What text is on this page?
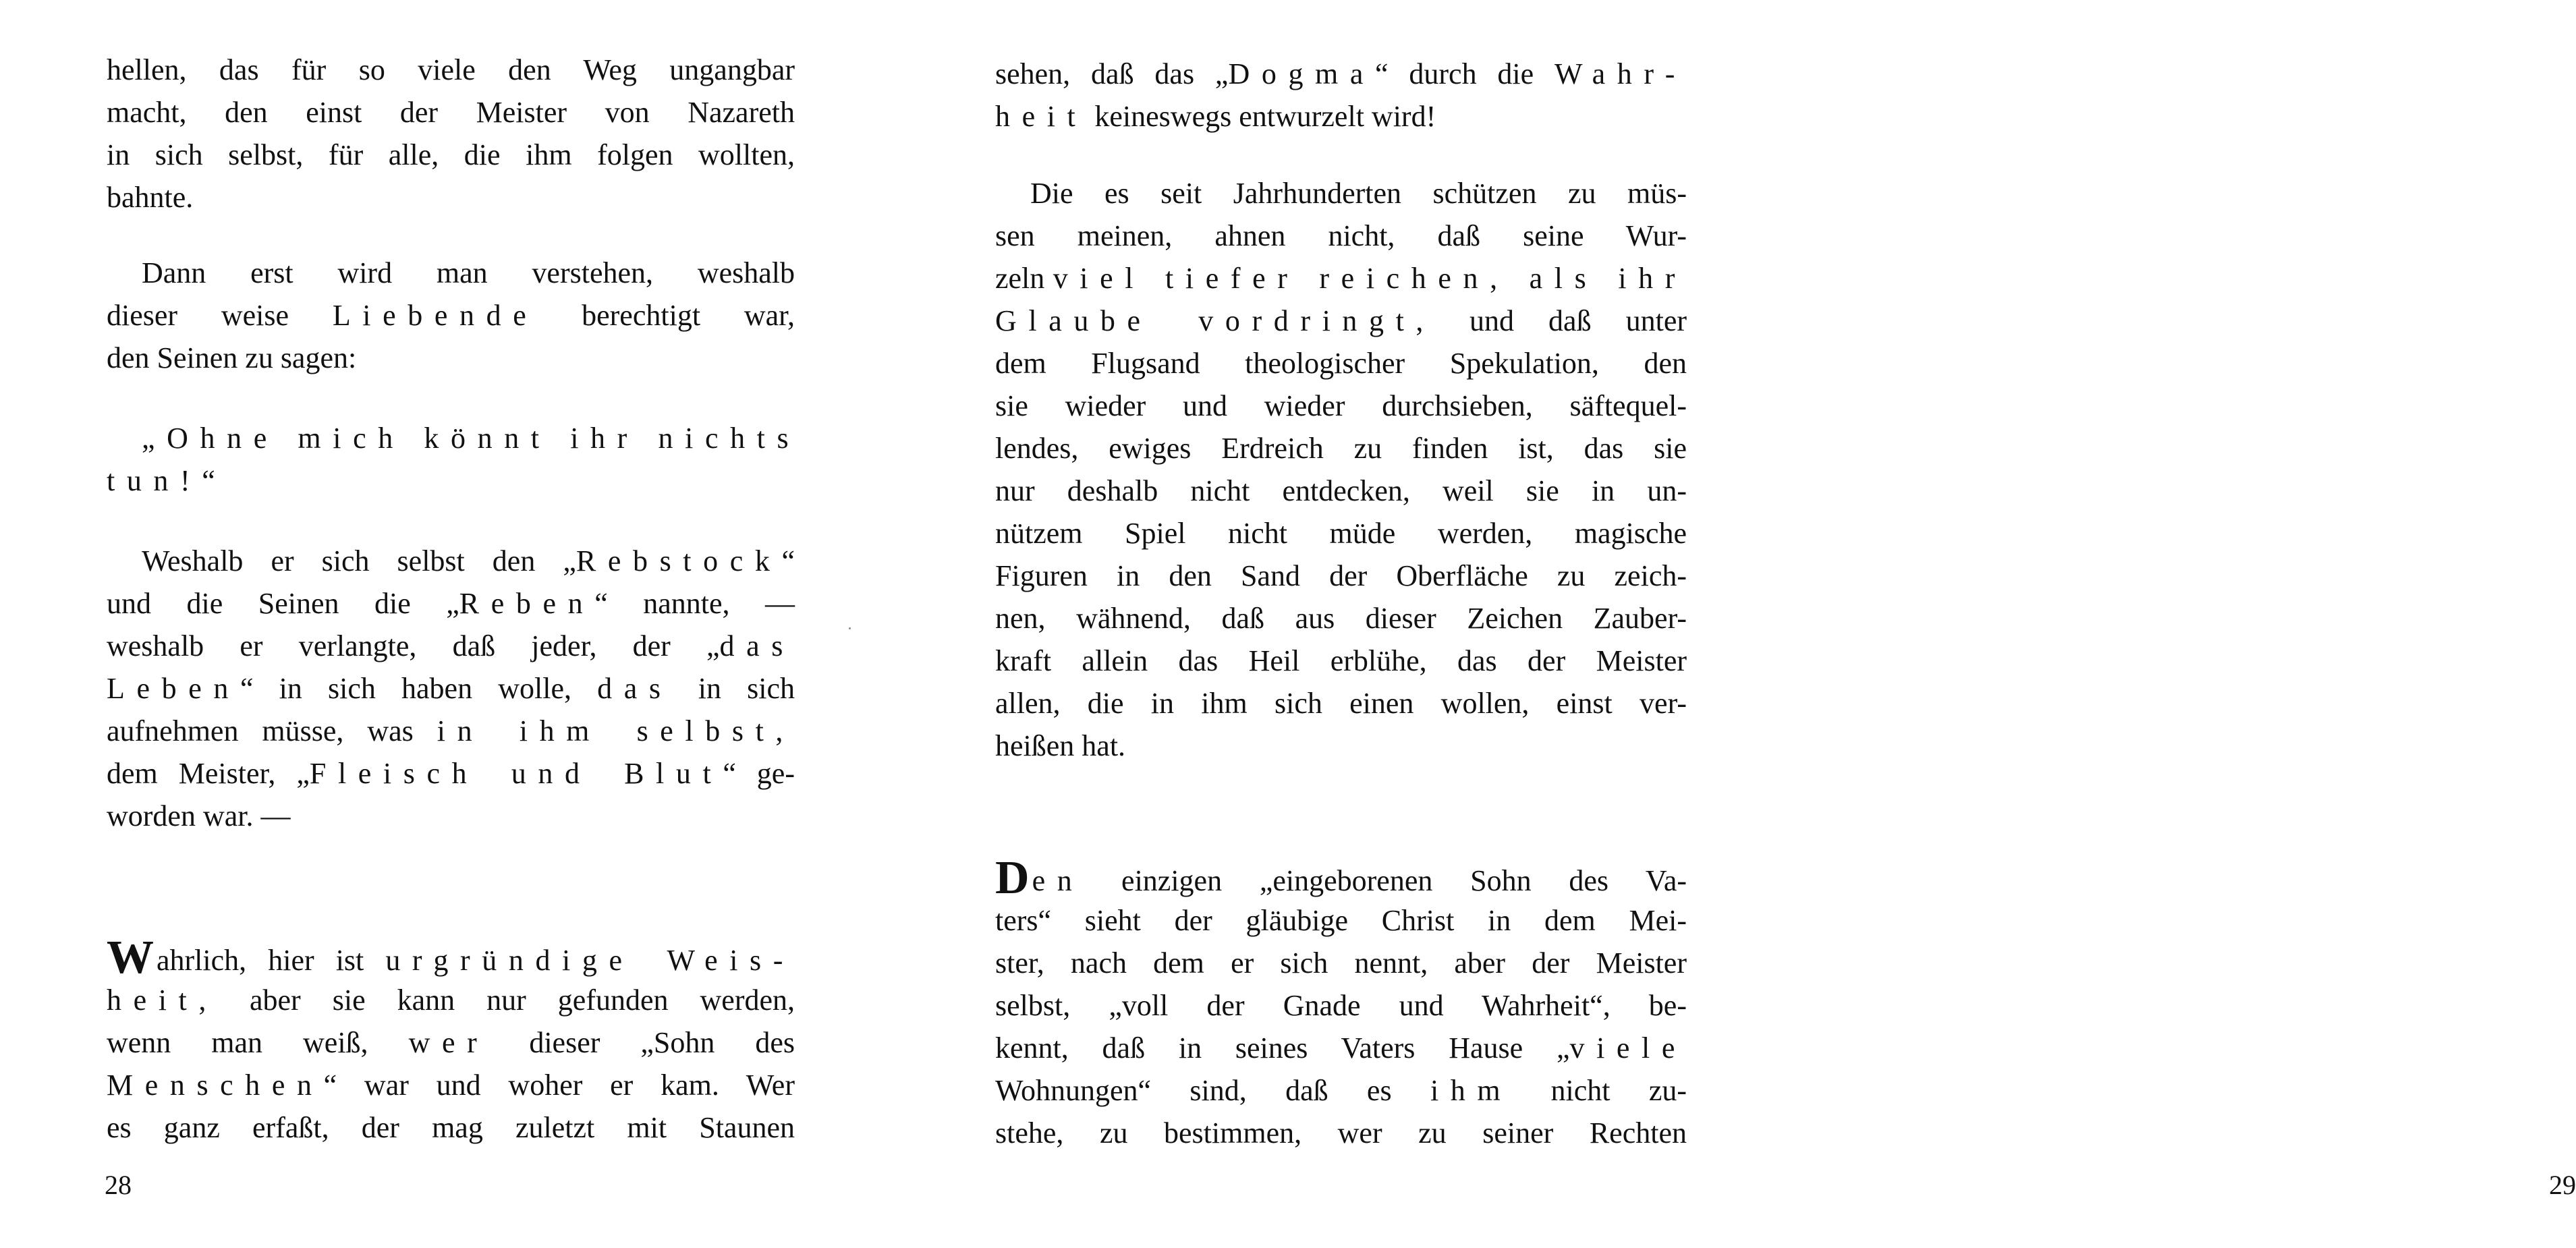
hellen, das für so viele den Weg ungangbar
macht, den einst der Meister von Nazareth
in sich selbst, für alle, die ihm folgen wollten,
bahnte.
Dann erst wird man verstehen, weshalb
dieser weise Liebende berechtigt war,
den Seinen zu sagen:
„Ohne mich könnt ihr nichts
tun!“
Weshalb er sich selbst den „Rebstock“
und die Seinen die „Reben“ nannte, —
weshalb er verlangte, daß jeder, der „das
Leben“ in sich haben wolle, das in sich
aufnehmen müsse, was in ihm selbst,
dem Meister, „Fleisch und Blut“ ge-
worden war. —
Wahrlich, hier ist urgründige Weis-
heit, aber sie kann nur gefunden werden,
wenn man weiß, wer dieser „Sohn des
Menschen“ war und woher er kam. Wer
es ganz erfaßt, der mag zuletzt mit Staunen
28
sehen, daß das „Dogma“ durch die Wahr-
heit keineswegs entwurzelt wird!
Die es seit Jahrhunderten schützen zu müs-
sen meinen, ahnen nicht, daß seine Wur-
zeln viel tiefer reichen, als ihr
Glaube vordringt, und daß unter
dem Flugsand theologischer Spekulation, den
sie wieder und wieder durchsieben, säftequel-
lendes, ewiges Erdreich zu finden ist, das sie
nur deshalb nicht entdecken, weil sie in un-
nützem Spiel nicht müde werden, magische
Figuren in den Sand der Oberfläche zu zeich-
nen, wähnend, daß aus dieser Zeichen Zauber-
kraft allein das Heil erblühe, das der Meister
allen, die in ihm sich einen wollen, einst ver-
heißen hat.
Den einzigen „eingeborenen Sohn des Va-
ters“ sieht der gläubige Christ in dem Mei-
ster, nach dem er sich nennt, aber der Meister
selbst, „voll der Gnade und Wahrheit“, be-
kennt, daß in seines Vaters Hause „viele
Wohnungen“ sind, daß es ihm nicht zu-
stehe, zu bestimmen, wer zu seiner Rechten
29
